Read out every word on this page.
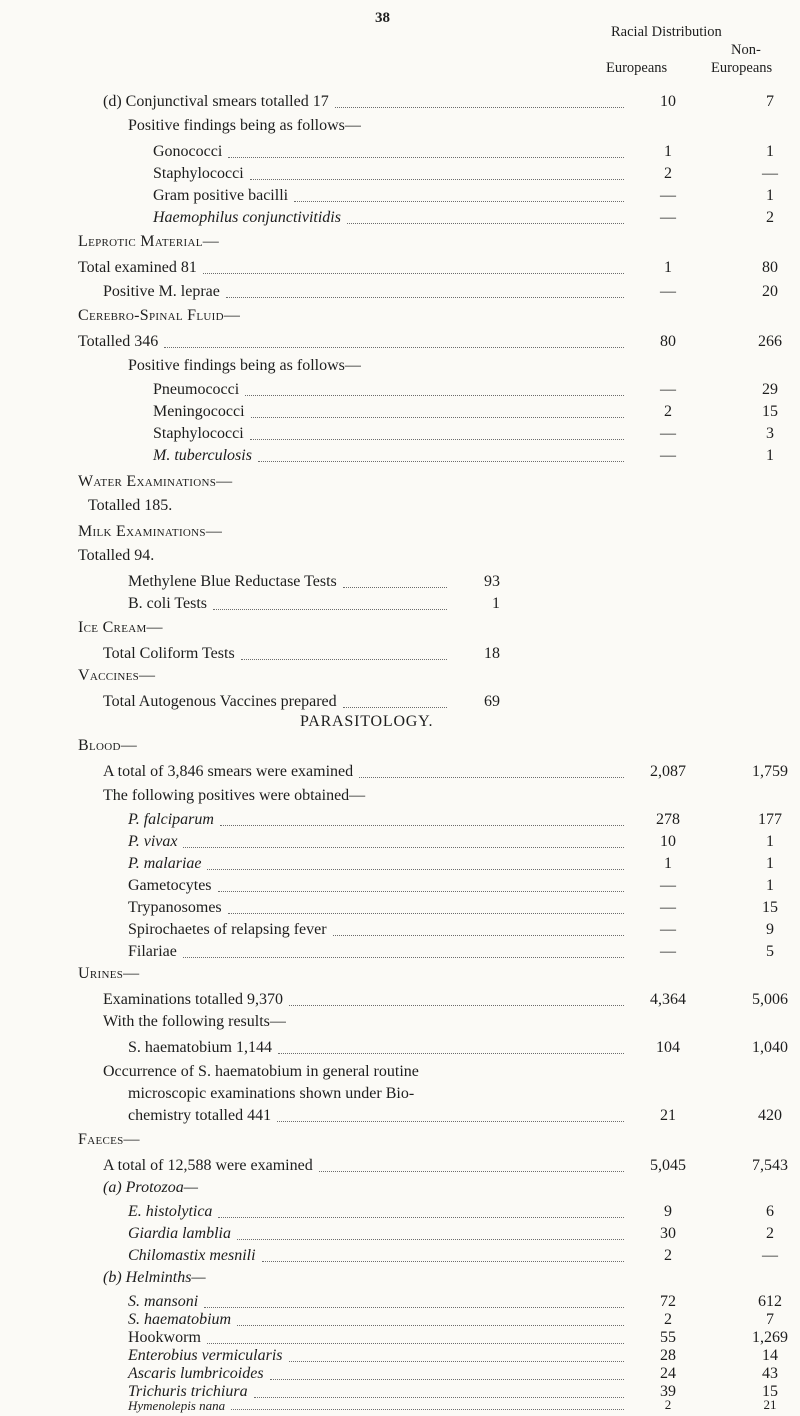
38
Racial Distribution
Non-
Europeans	Europeans
(d) Conjunctival smears totalled 17	10	7
Positive findings being as follows—
Gonococci	1	1
Staphylococci	2	—
Gram positive bacilli	—	1
Haemophilus conjunctivitidis	—	2
Leprotic Material—
Total examined 81	1	80
Positive M. leprae	—	20
Cerebro-Spinal Fluid—
Totalled 346	80	266
Positive findings being as follows—
Pneumococci	—	29
Meningococci	2	15
Staphylococci	—	3
M. tuberculosis	—	1
Water Examinations—
Totalled 185.
Milk Examinations—
Totalled 94.
Methylene Blue Reductase Tests	93
B. coli Tests	1
Ice Cream—
Total Coliform Tests	18
Vaccines—
Total Autogenous Vaccines prepared	69
PARASITOLOGY.
Blood—
A total of 3,846 smears were examined	2,087	1,759
The following positives were obtained—
P. falciparum	278	177
P. vivax	10	1
P. malariae	1	1
Gametocytes	—	1
Trypanosomes	—	15
Spirochaetes of relapsing fever	—	9
Filariae	—	5
Urines—
Examinations totalled 9,370	4,364	5,006
With the following results—
S. haematobium 1,144	104	1,040
Occurrence of S. haematobium in general routine
microscopic examinations shown under Bio-
chemistry totalled 441	21	420
Faeces—
A total of 12,588 were examined	5,045	7,543
(a) Protozoa—
E. histolytica	9	6
Giardia lamblia	30	2
Chilomastix mesnili	2	—
(b) Helminths—
S. mansoni	72	612
S. haematobium	2	7
Hookworm	55	1,269
Enterobius vermicularis	28	14
Ascaris lumbricoides	24	43
Trichuris trichiura	39	15
Hymenolepis nana	2	21
